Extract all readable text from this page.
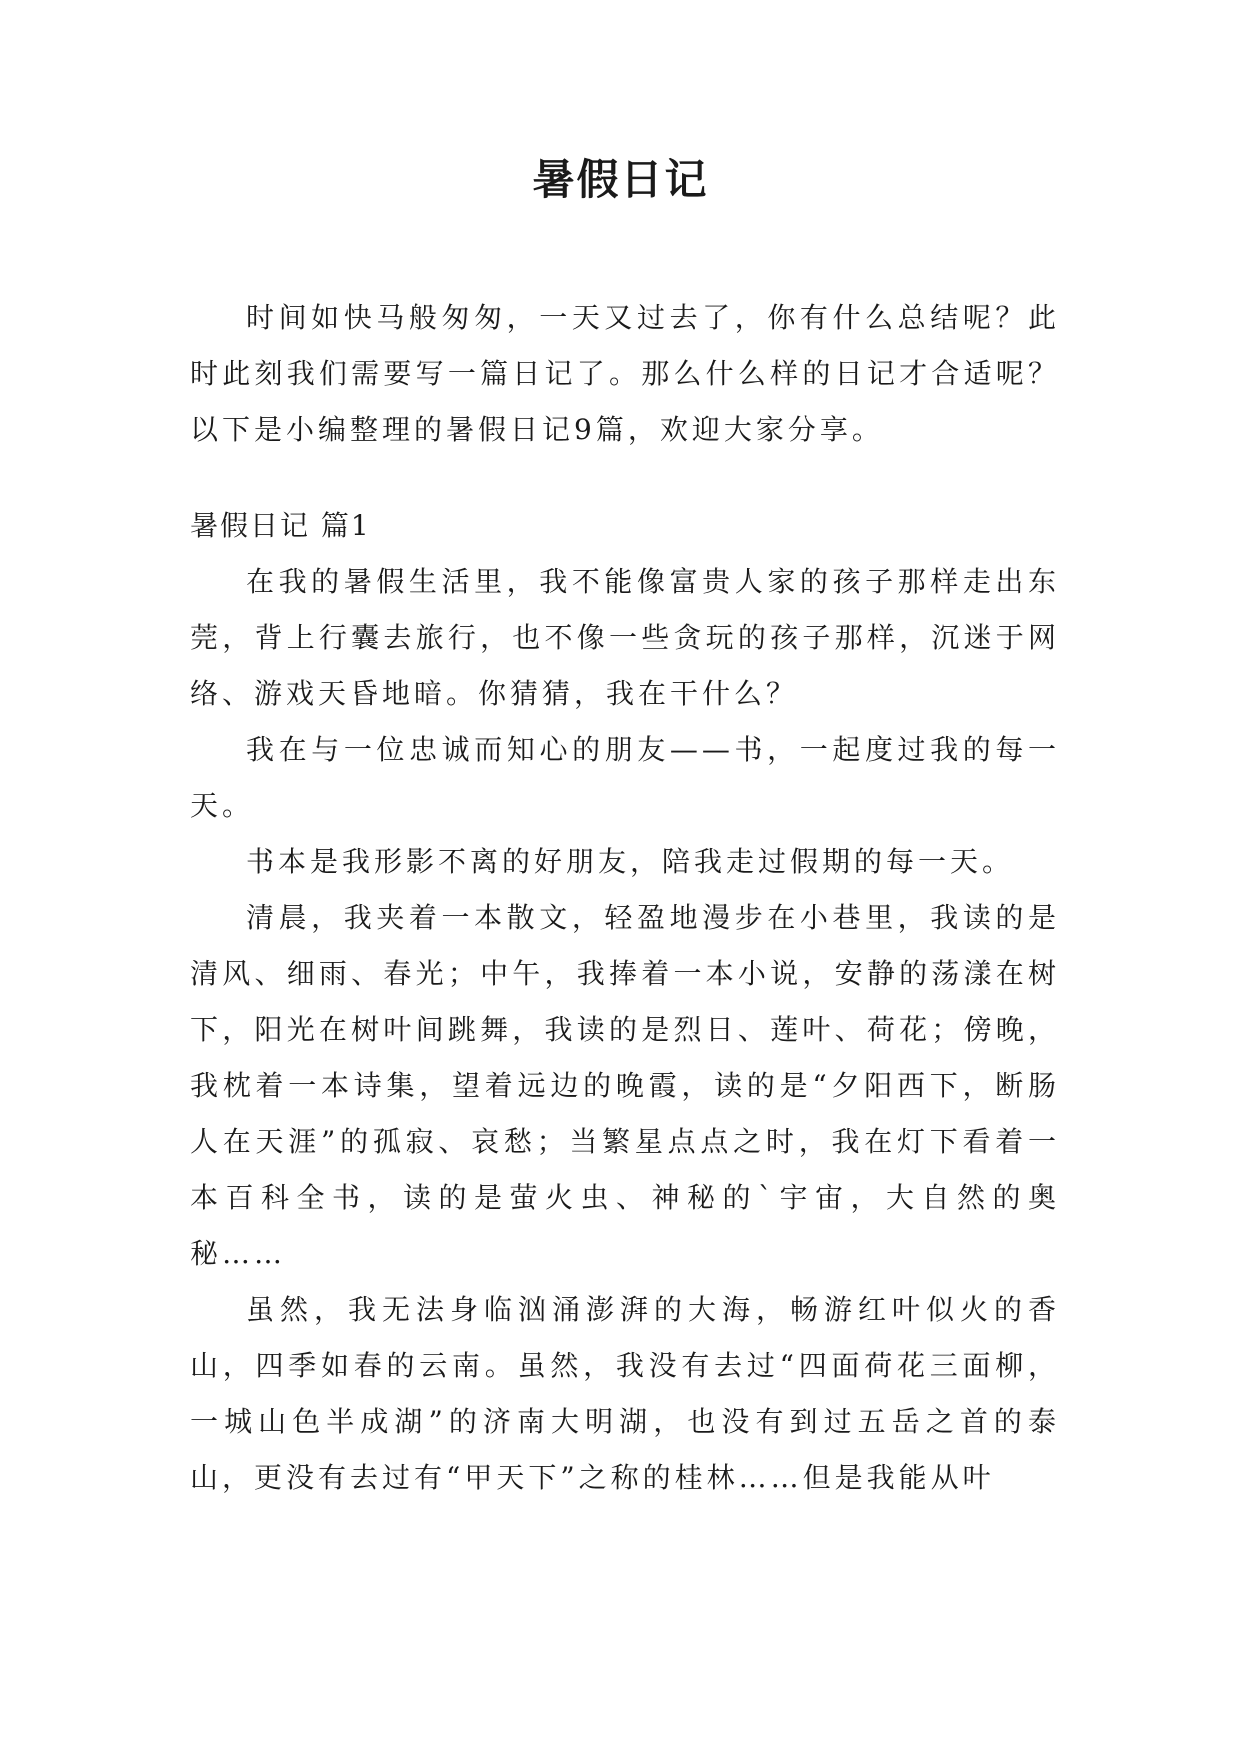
暑假日记

时间如快马般匆匆，一天又过去了，你有什么总结呢？此时此刻我们需要写一篇日记了。那么什么样的日记才合适呢？以下是小编整理的暑假日记9篇，欢迎大家分享。

暑假日记 篇1

在我的暑假生活里，我不能像富贵人家的孩子那样走出东莞，背上行囊去旅行，也不像一些贪玩的孩子那样，沉迷于网络、游戏天昏地暗。你猜猜，我在干什么？

我在与一位忠诚而知心的朋友——书，一起度过我的每一天。

书本是我形影不离的好朋友，陪我走过假期的每一天。

清晨，我夹着一本散文，轻盈地漫步在小巷里，我读的是清风、细雨、春光；中午，我捧着一本小说，安静的荡漾在树下，阳光在树叶间跳舞，我读的是烈日、莲叶、荷花；傍晚，我枕着一本诗集，望着远边的晚霞，读的是“夕阳西下，断肠人在天涯”的孤寂、哀愁；当繁星点点之时，我在灯下看着一本百科全书，读的是萤火虫、神秘的`宇宙，大自然的奥秘……

虽然，我无法身临汹涌澎湃的大海，畅游红叶似火的香山，四季如春的云南。虽然，我没有去过“四面荷花三面柳，一城山色半成湖”的济南大明湖，也没有到过五岳之首的泰山，更没有去过有“甲天下”之称的桂林……但是我能从叶
